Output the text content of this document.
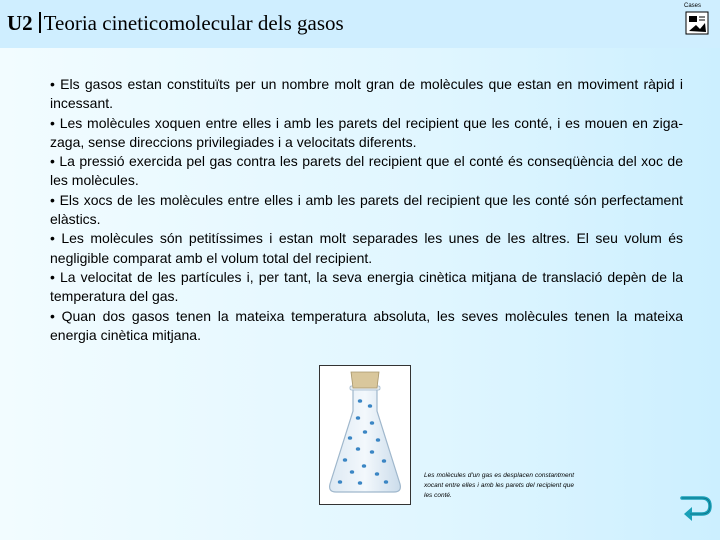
U2 Teoria cineticomolecular dels gasos
Cases

• Els gasos estan constituïts per un nombre molt gran de molècules que estan en moviment ràpid i incessant.

• Les molècules xoquen entre elles i amb les parets del recipient que les conté, i es mouen en ziga-zaga, sense direccions privilegiades i a velocitats diferents.

• La pressió exercida pel gas contra les parets del recipient que el conté és conseqüència del xoc de les molècules.

• Els xocs de les molècules entre elles i amb les parets del recipient que les conté són perfectament elàstics.

• Les molècules són petitíssimes i estan molt separades les unes de les altres. El seu volum és negligible comparat amb el volum total del recipient.

• La velocitat de les partícules i, per tant, la seva energia cinètica mitjana de translació depèn de la temperatura del gas.

• Quan dos gasos tenen la mateixa temperatura absoluta, les seves molècules tenen la mateixa energia cinètica mitjana.

Les molècules d'un gas es desplacen constantment xocant entre elles i amb les parets del recipient que les conté.
